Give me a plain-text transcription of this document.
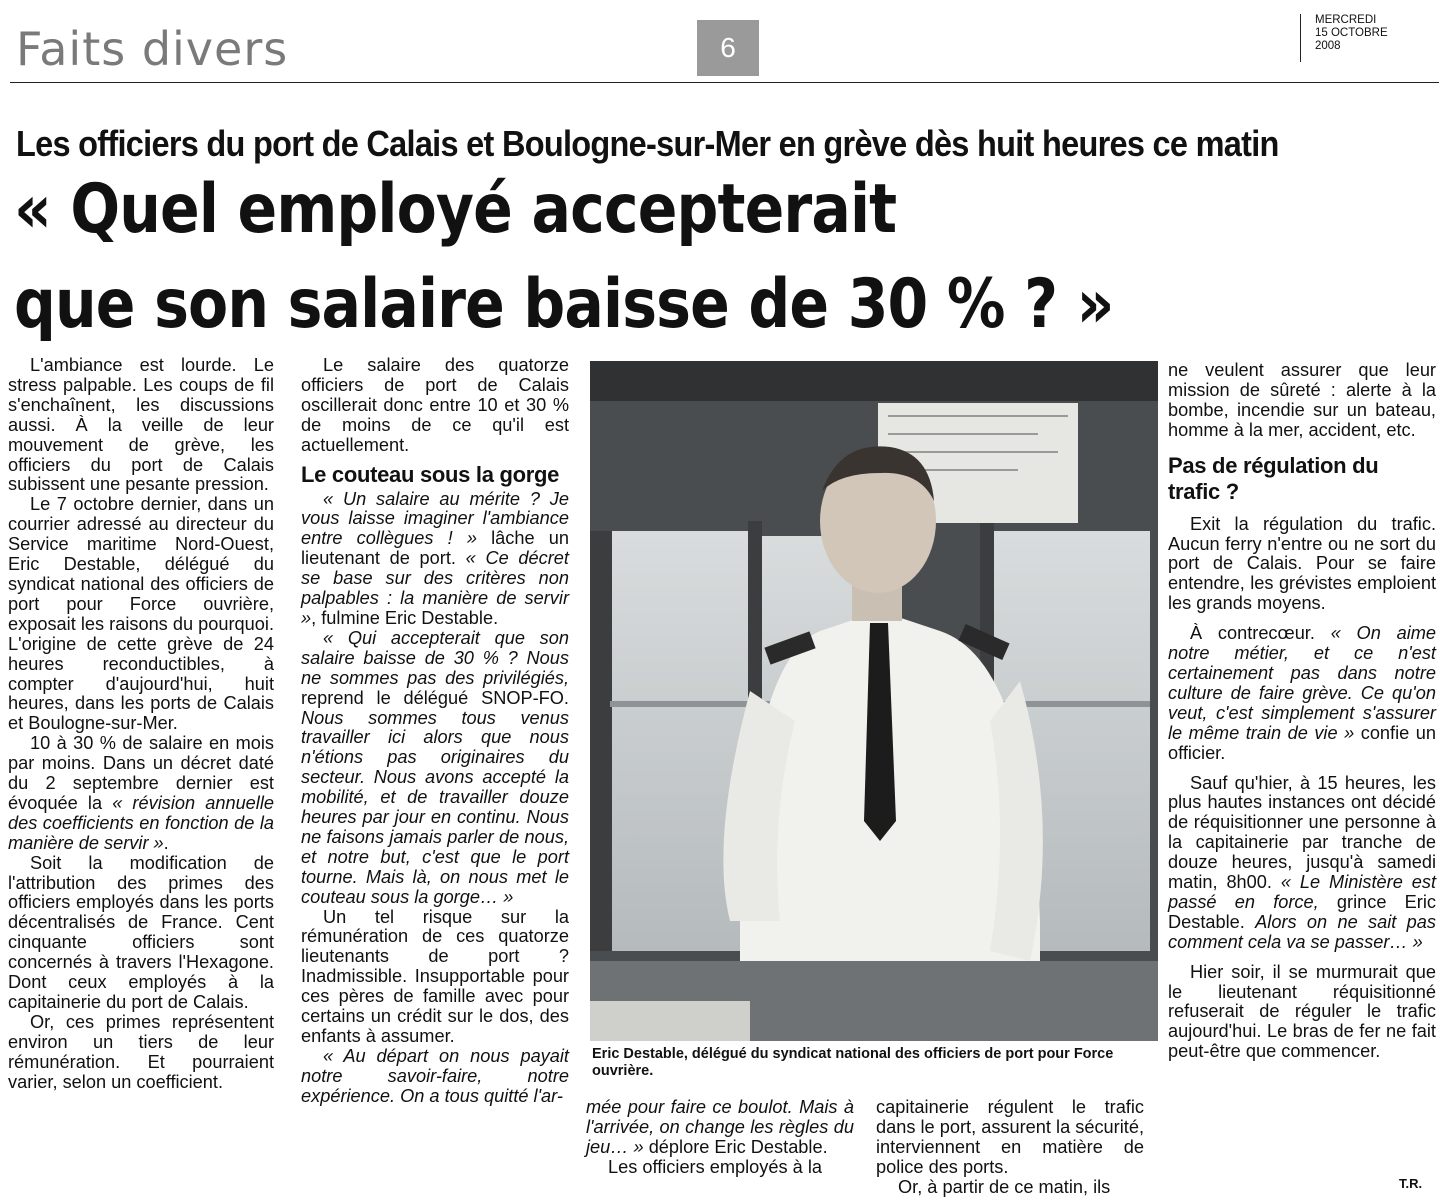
Faits divers	6
MERCREDI
15 OCTOBRE
2008
Les officiers du port de Calais et Boulogne-sur-Mer en grève dès huit heures ce matin
« Quel employé accepterait
que son salaire baisse de 30 % ? »

L'ambiance est lourde. Le stress palpable. Les coups de fil s'enchaînent, les discussions aussi. À la veille de leur mouvement de grève, les officiers du port de Calais subissent une pesante pression.

Le 7 octobre dernier, dans un courrier adressé au directeur du Service maritime Nord-Ouest, Eric Destable, délégué du syndicat national des officiers de port pour Force ouvrière, exposait les raisons du pourquoi. L'origine de cette grève de 24 heures reconductibles, à compter d'aujourd'hui, huit heures, dans les ports de Calais et Boulogne-sur-Mer.

10 à 30 % de salaire en mois par moins. Dans un décret daté du 2 septembre dernier est évoquée la « révision annuelle des coefficients en fonction de la manière de servir ».

Soit la modification de l'attribution des primes des officiers employés dans les ports décentralisés de France. Cent cinquante officiers sont concernés à travers l'Hexagone. Dont ceux employés à la capitainerie du port de Calais.

Or, ces primes représentent environ un tiers de leur rémunération. Et pourraient varier, selon un coefficient.

Le salaire des quatorze officiers de port de Calais oscillerait donc entre 10 et 30 % de moins de ce qu'il est actuellement.

Le couteau sous la gorge

« Un salaire au mérite ? Je vous laisse imaginer l'ambiance entre collègues ! » lâche un lieutenant de port. « Ce décret se base sur des critères non palpables : la manière de servir », fulmine Eric Destable.

« Qui accepterait que son salaire baisse de 30 % ? Nous ne sommes pas des privilégiés, reprend le délégué SNOP-FO. Nous sommes tous venus travailler ici alors que nous n'étions pas originaires du secteur. Nous avons accepté la mobilité, et de travailler douze heures par jour en continu. Nous ne faisons jamais parler de nous, et notre but, c'est que le port tourne. Mais là, on nous met le couteau sous la gorge… »

Un tel risque sur la rémunération de ces quatorze lieutenants de port ? Inadmissible. Insupportable pour ces pères de famille avec pour certains un crédit sur le dos, des enfants à assumer.

« Au départ on nous payait notre savoir-faire, notre expérience. On a tous quitté l'ar-

Eric Destable, délégué du syndicat national des officiers de port pour Force ouvrière.

mée pour faire ce boulot. Mais à l'arrivée, on change les règles du jeu… » déplore Eric Destable.

Les officiers employés à la

capitainerie régulent le trafic dans le port, assurent la sécurité, interviennent en matière de police des ports.

Or, à partir de ce matin, ils

ne veulent assurer que leur mission de sûreté : alerte à la bombe, incendie sur un bateau, homme à la mer, accident, etc.

Pas de régulation du trafic ?

Exit la régulation du trafic. Aucun ferry n'entre ou ne sort du port de Calais. Pour se faire entendre, les grévistes emploient les grands moyens.

À contrecœur. « On aime notre métier, et ce n'est certainement pas dans notre culture de faire grève. Ce qu'on veut, c'est simplement s'assurer le même train de vie » confie un officier.

Sauf qu'hier, à 15 heures, les plus hautes instances ont décidé de réquisitionner une personne à la capitainerie par tranche de douze heures, jusqu'à samedi matin, 8h00. « Le Ministère est passé en force, grince Eric Destable. Alors on ne sait pas comment cela va se passer… »

Hier soir, il se murmurait que le lieutenant réquisitionné refuserait de réguler le trafic aujourd'hui. Le bras de fer ne fait peut-être que commencer.

T.R.
